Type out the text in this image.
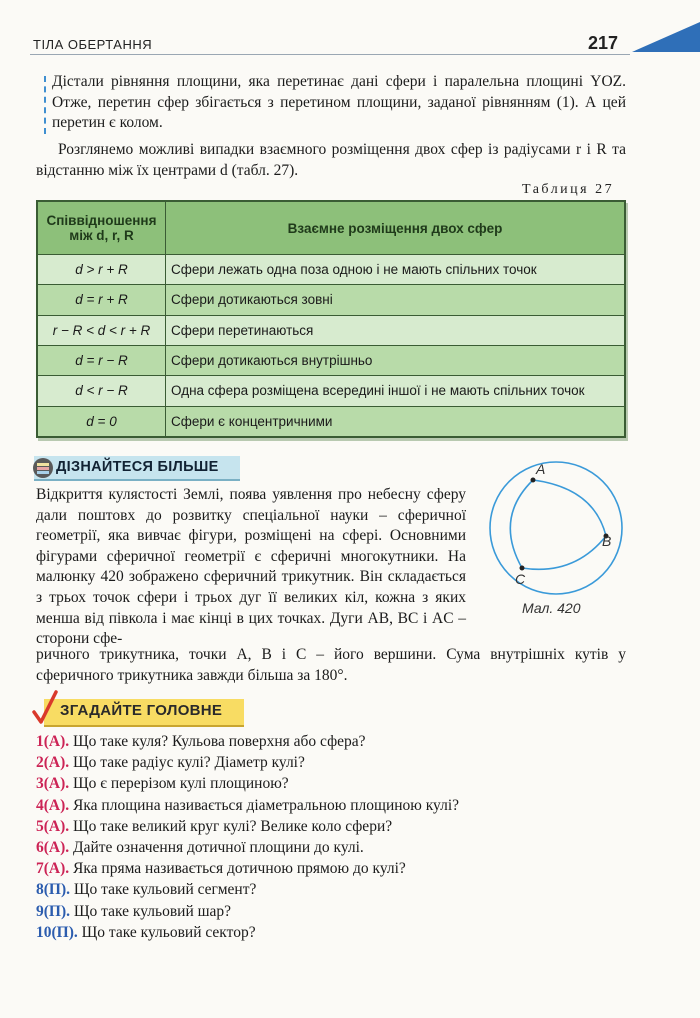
ТІЛА ОБЕРТАННЯ	217
Дістали рівняння площини, яка перетинає дані сфери і паралельна площині YOZ. Отже, перетин сфер збігається з перетином площини, заданої рівнянням (1). А цей перетин є колом.
Розглянемо можливі випадки взаємного розміщення двох сфер із радіусами r і R та відстанню між їх центрами d (табл. 27).
Таблиця 27
Співвідношення між d, r, R	Взаємне розміщення двох сфер
d > r + R	Сфери лежать одна поза одною і не мають спільних точок
d = r + R	Сфери дотикаються зовні
r − R < d < r + R	Сфери перетинаються
d = r − R	Сфери дотикаються внутрішньо
d < r − R	Одна сфера розміщена всередині іншої і не мають спільних точок
d = 0	Сфери є концентричними
ДІЗНАЙТЕСЯ БІЛЬШЕ
Відкриття кулястості Землі, поява уявлення про небесну сферу дали поштовх до розвитку спеціальної науки – сферичної геометрії, яка вивчає фігури, розміщені на сфері. Основними фігурами сферичної геометрії є сферичні многокутники. На малюнку 420 зображено сферичний трикутник. Він складається з трьох точок сфери і трьох дуг її великих кіл, кожна з яких менша від півкола і має кінці в цих точках. Дуги AB, BC і AC – сторони сфе-
ричного трикутника, точки A, B і C – його вершини. Сума внутрішніх кутів у сферичного трикутника завжди більша за 180°.
A
B
C
Мал. 420
ЗГАДАЙТЕ ГОЛОВНЕ
1(А). Що таке куля? Кульова поверхня або сфера?
2(А). Що таке радіус кулі? Діаметр кулі?
3(А). Що є перерізом кулі площиною?
4(А). Яка площина називається діаметральною площиною кулі?
5(А). Що таке великий круг кулі? Велике коло сфери?
6(А). Дайте означення дотичної площини до кулі.
7(А). Яка пряма називається дотичною прямою до кулі?
8(П). Що таке кульовий сегмент?
9(П). Що таке кульовий шар?
10(П). Що таке кульовий сектор?
